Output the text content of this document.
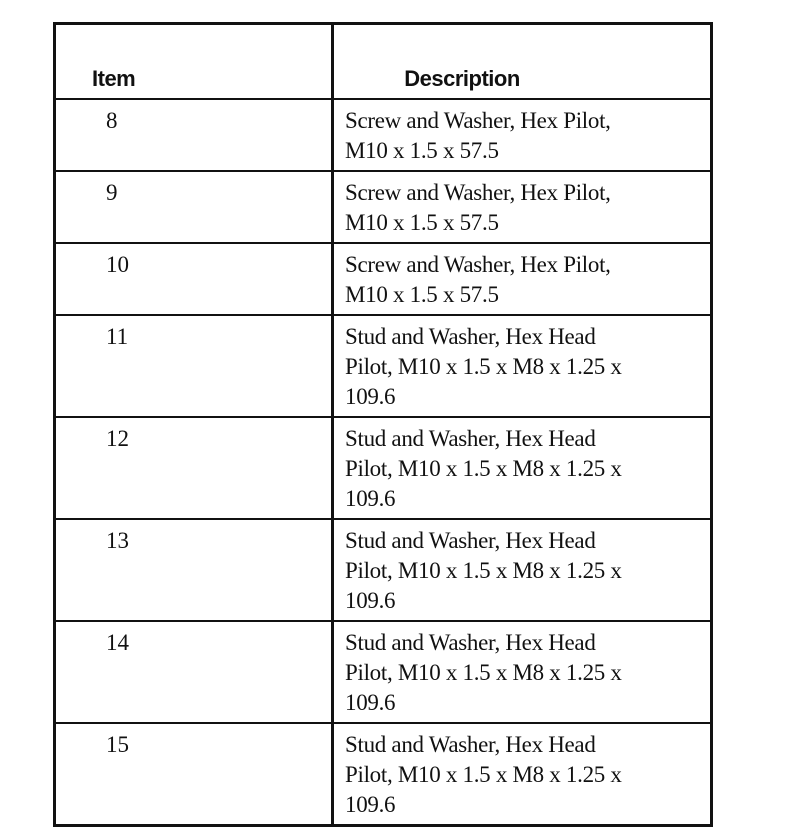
Item	Description
8	Screw and Washer, Hex Pilot,
M10 x 1.5 x 57.5
9	Screw and Washer, Hex Pilot,
M10 x 1.5 x 57.5
10	Screw and Washer, Hex Pilot,
M10 x 1.5 x 57.5
11	Stud and Washer, Hex Head
Pilot, M10 x 1.5 x M8 x 1.25 x
109.6
12	Stud and Washer, Hex Head
Pilot, M10 x 1.5 x M8 x 1.25 x
109.6
13	Stud and Washer, Hex Head
Pilot, M10 x 1.5 x M8 x 1.25 x
109.6
14	Stud and Washer, Hex Head
Pilot, M10 x 1.5 x M8 x 1.25 x
109.6
15	Stud and Washer, Hex Head
Pilot, M10 x 1.5 x M8 x 1.25 x
109.6
